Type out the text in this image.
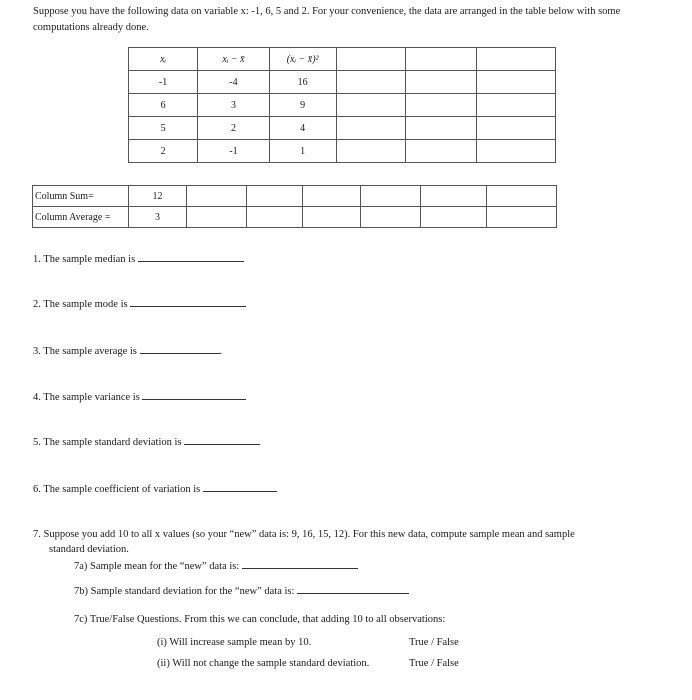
Suppose you have the following data on variable x: -1, 6, 5 and 2. For your convenience, the data are arranged in the table below with some computations already done.
xᵢ	xᵢ − x̄	(xᵢ − x̄)²			
-1	-4	16			
6	3	9			
5	2	4			
2	-1	1			
Column Sum=	12						
Column Average =	3						
1. The sample median is
2. The sample mode is
3. The sample average is	.
4. The sample variance is
5. The sample standard deviation is
6. The sample coefficient of variation is
7. Suppose you add 10 to all x values (so your “new” data is: 9, 16, 15, 12). For this new data, compute sample mean and sample
standard deviation.
7a) Sample mean for the “new” data is:
7b) Sample standard deviation for the “new” data is:
7c) True/False Questions. From this we can conclude, that adding 10 to all observations:
(i) Will increase sample mean by 10.	True / False
(ii) Will not change the sample standard deviation.	True / False
